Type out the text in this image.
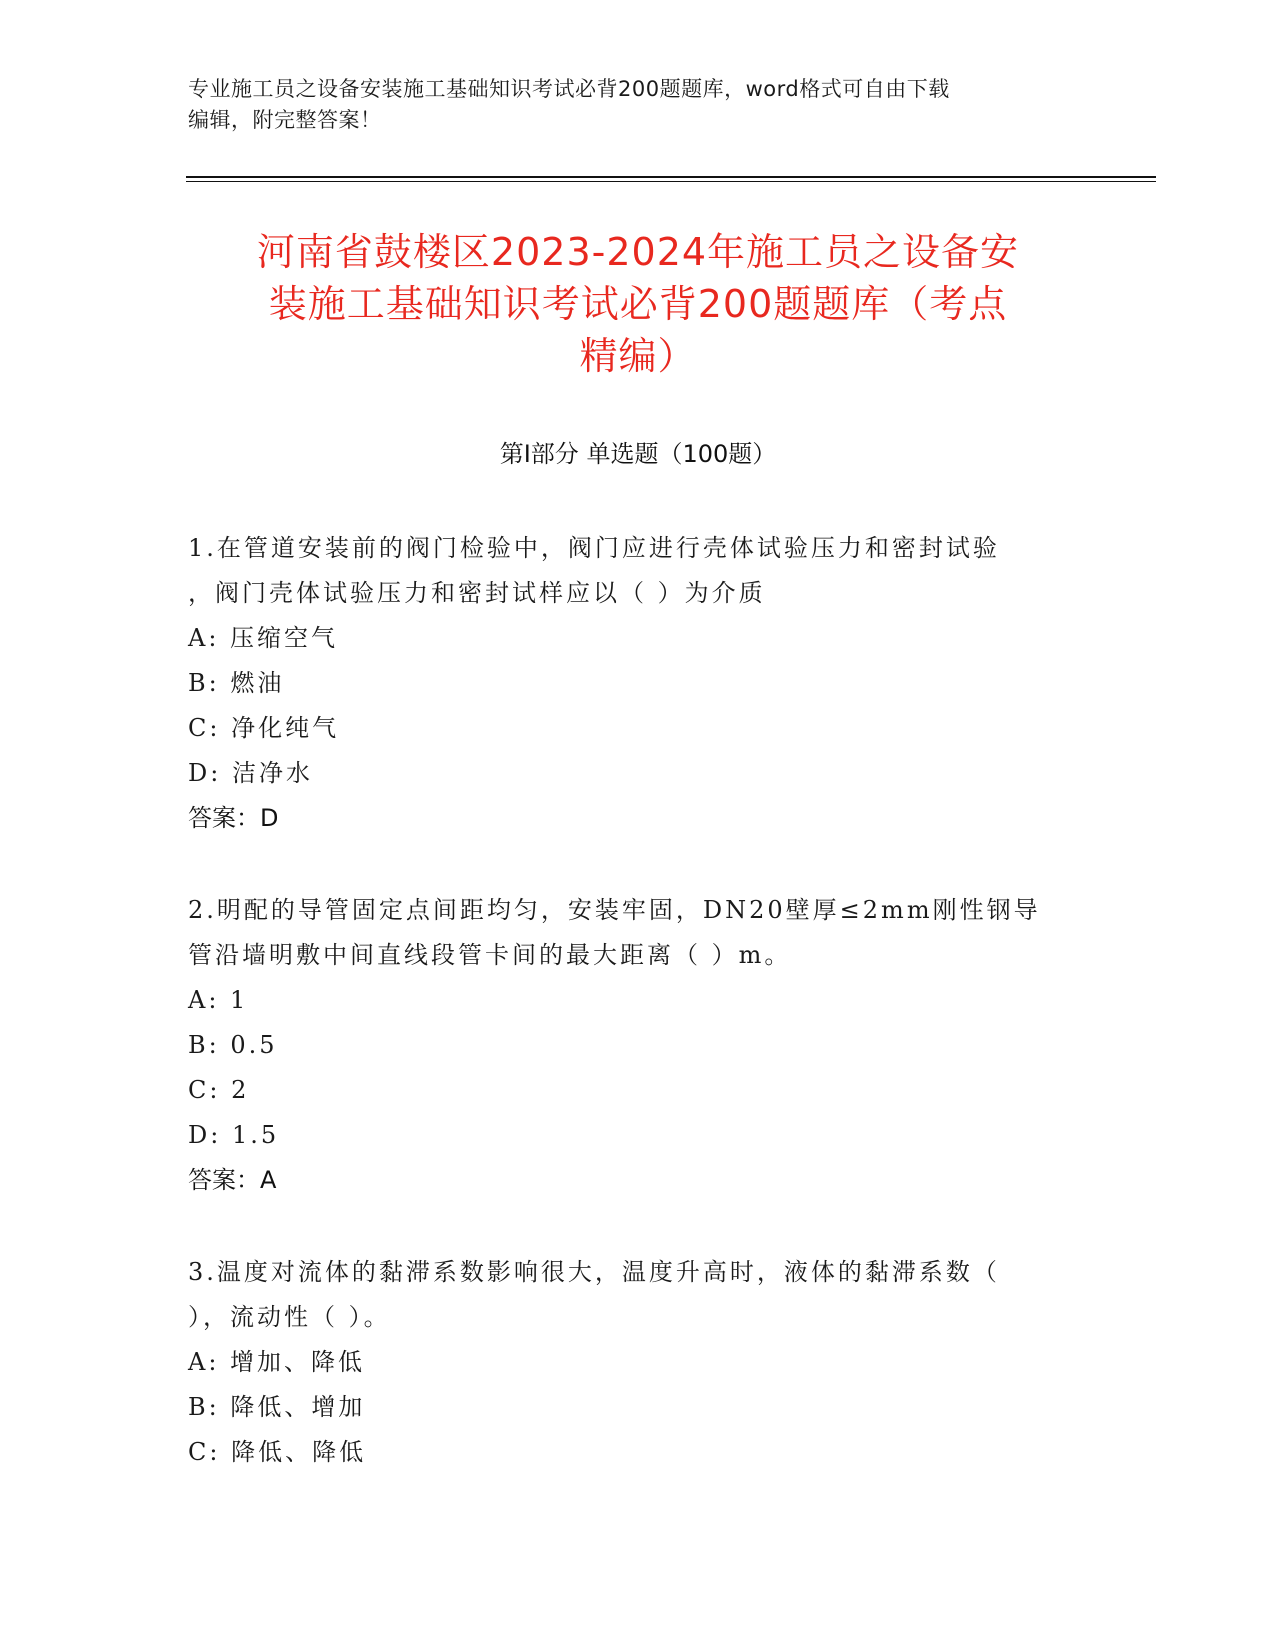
专业施工员之设备安装施工基础知识考试必背200题题库，word格式可自由下载
编辑，附完整答案！
河南省鼓楼区2023-2024年施工员之设备安
装施工基础知识考试必背200题题库（考点
精编）
第Ⅰ部分 单选题（100题）
1.在管道安装前的阀门检验中，阀门应进行壳体试验压力和密封试验
，阀门壳体试验压力和密封试样应以（ ）为介质
A: 压缩空气
B: 燃油
C: 净化纯气
D: 洁净水
答案：D
2.明配的导管固定点间距均匀，安装牢固，DN20壁厚≤2mm刚性钢导
管沿墙明敷中间直线段管卡间的最大距离（ ）m。
A: 1
B: 0.5
C: 2
D: 1.5
答案：A
3.温度对流体的黏滞系数影响很大，温度升高时，液体的黏滞系数（
），流动性（ ）。
A: 增加、降低
B: 降低、增加
C: 降低、降低
